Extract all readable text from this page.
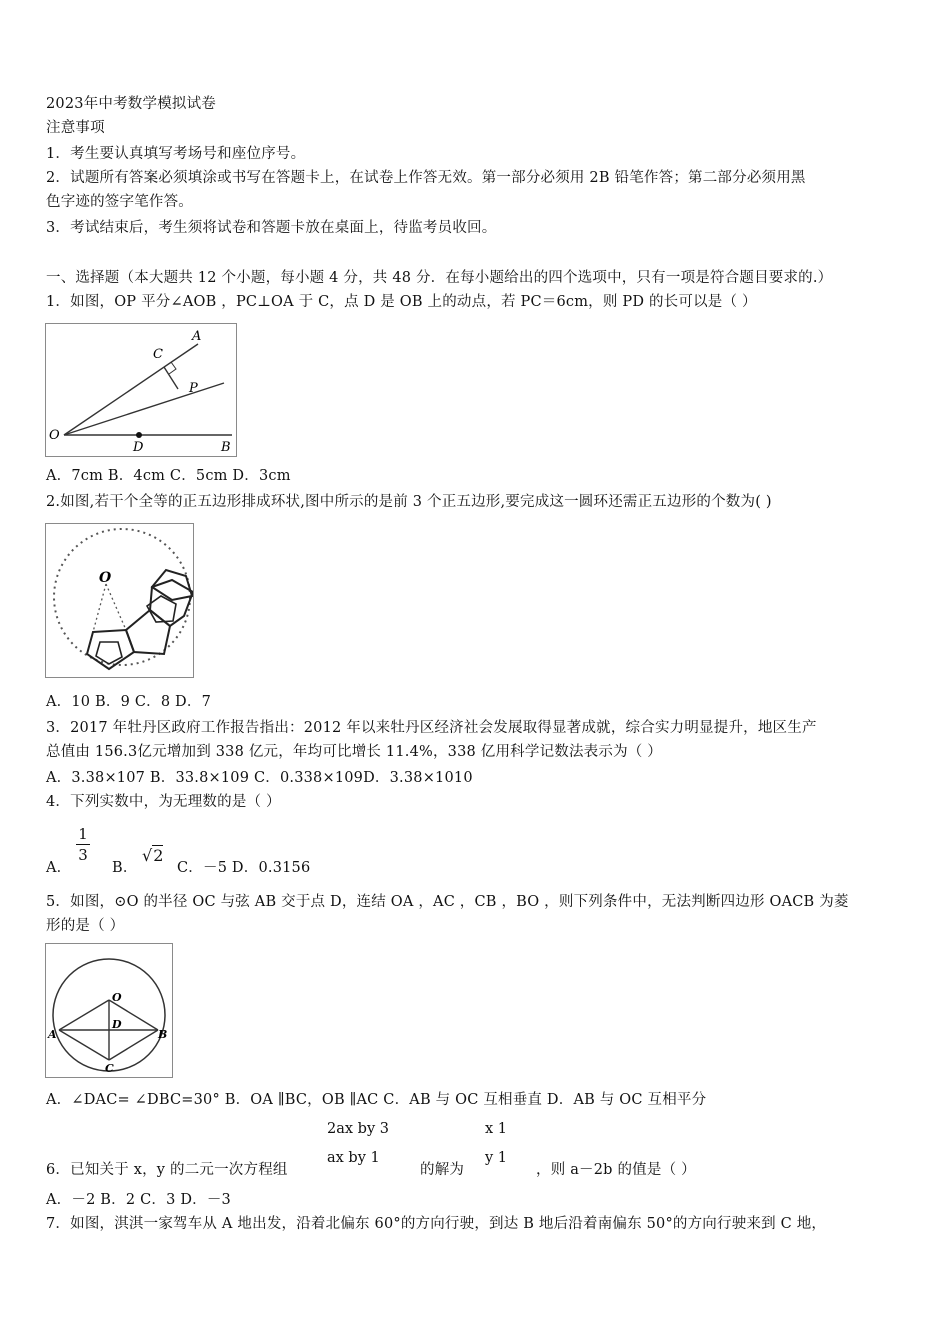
2023年中考数学模拟试卷
注意事项
1．考生要认真填写考场号和座位序号。
2．试题所有答案必须填涂或书写在答题卡上，在试卷上作答无效。第一部分必须用 2B 铅笔作答；第二部分必须用黑
色字迹的签字笔作答。
3．考试结束后，考生须将试卷和答题卡放在桌面上，待监考员收回。
一、选择题（本大题共 12 个小题，每小题 4 分，共 48 分．在每小题给出的四个选项中，只有一项是符合题目要求的.）
1．如图，OP 平分∠AOB ，PC⊥OA 于 C，点 D 是 OB 上的动点，若 PC＝6cm，则 PD 的长可以是（ ）
A
C
P
O
D	B
A．7cm B．4cm C．5cm D．3cm
2.如图,若干个全等的正五边形排成环状,图中所示的是前 3 个正五边形,要完成这一圆环还需正五边形的个数为( )
O
A．10 B．9 C．8 D．7
3．2017 年牡丹区政府工作报告指出：2012 年以来牡丹区经济社会发展取得显著成就，综合实力明显提升，地区生产
总值由 156.3亿元增加到 338 亿元，年均可比增长 11.4%，338 亿用科学记数法表示为（ ）
A．3.38×107 B．33.8×109 C．0.338×109D．3.38×1010
4．下列实数中，为无理数的是（ ）
A．
1
3
B．
√2
C．－5 D．0.3156
5．如图，⊙O 的半径 OC 与弦 AB 交于点 D，连结 OA ，AC ，CB ，BO ，则下列条件中，无法判断四边形 OACB 为菱
形的是（ ）
O
A
D
B
C
A．∠DAC= ∠DBC=30° B．OA ∥BC，OB ∥AC C．AB 与 OC 互相垂直 D．AB 与 OC 互相平分
2ax by 3
ax by 1
x 1
y 1
6．已知关于 x，y 的二元一次方程组	的解为	，则 a－2b 的值是（ ）
A．－2 B．2 C．3 D．－3
7．如图，淇淇一家驾车从 A 地出发，沿着北偏东 60°的方向行驶，到达 B 地后沿着南偏东 50°的方向行驶来到 C 地，
